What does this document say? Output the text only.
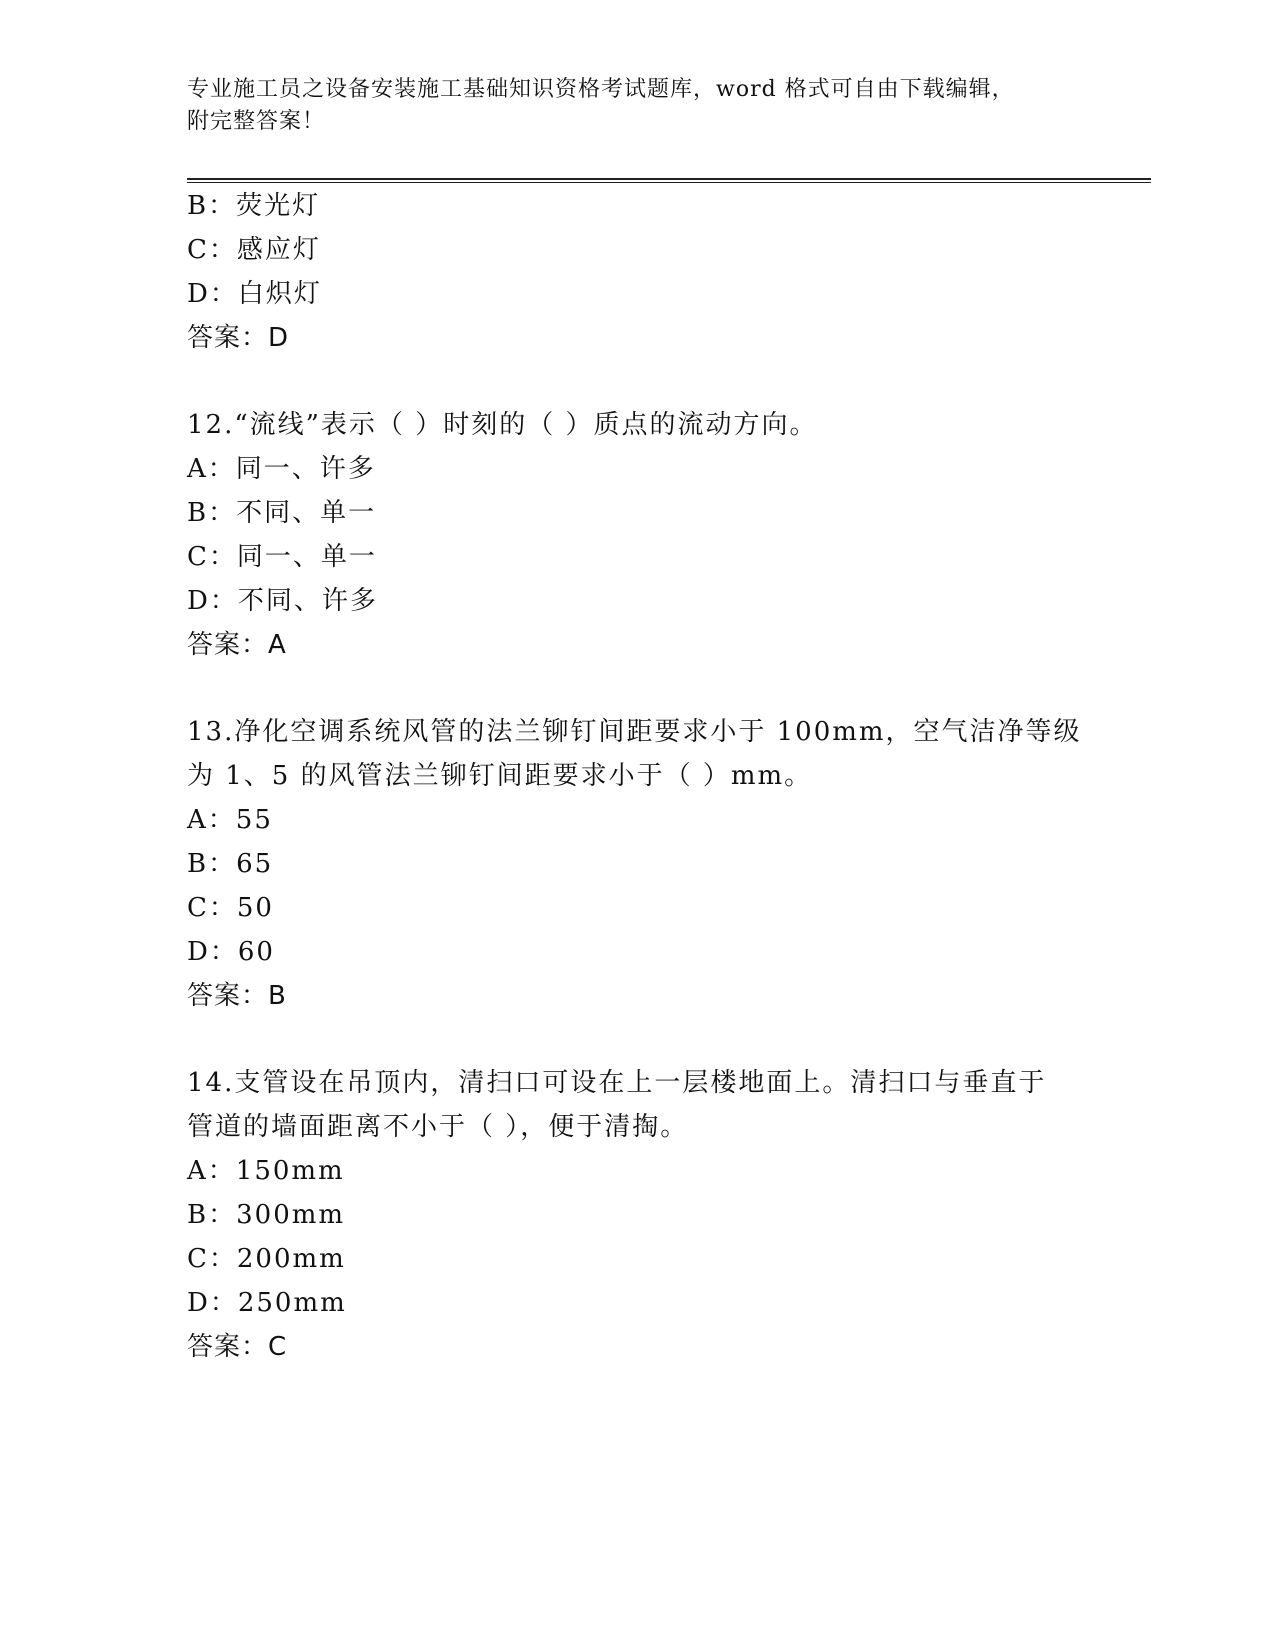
专业施工员之设备安装施工基础知识资格考试题库，word 格式可自由下载编辑，
附完整答案！
B：荧光灯
C：感应灯
D：白炽灯
答案：D
12.“流线”表示（ ）时刻的（ ）质点的流动方向。
A：同一、许多
B：不同、单一
C：同一、单一
D：不同、许多
答案：A
13.净化空调系统风管的法兰铆钉间距要求小于 100mm，空气洁净等级
为 1、5 的风管法兰铆钉间距要求小于（ ）mm。
A：55
B：65
C：50
D：60
答案：B
14.支管设在吊顶内，清扫口可设在上一层楼地面上。清扫口与垂直于
管道的墙面距离不小于（ ），便于清掏。
A：150mm
B：300mm
C：200mm
D：250mm
答案：C
